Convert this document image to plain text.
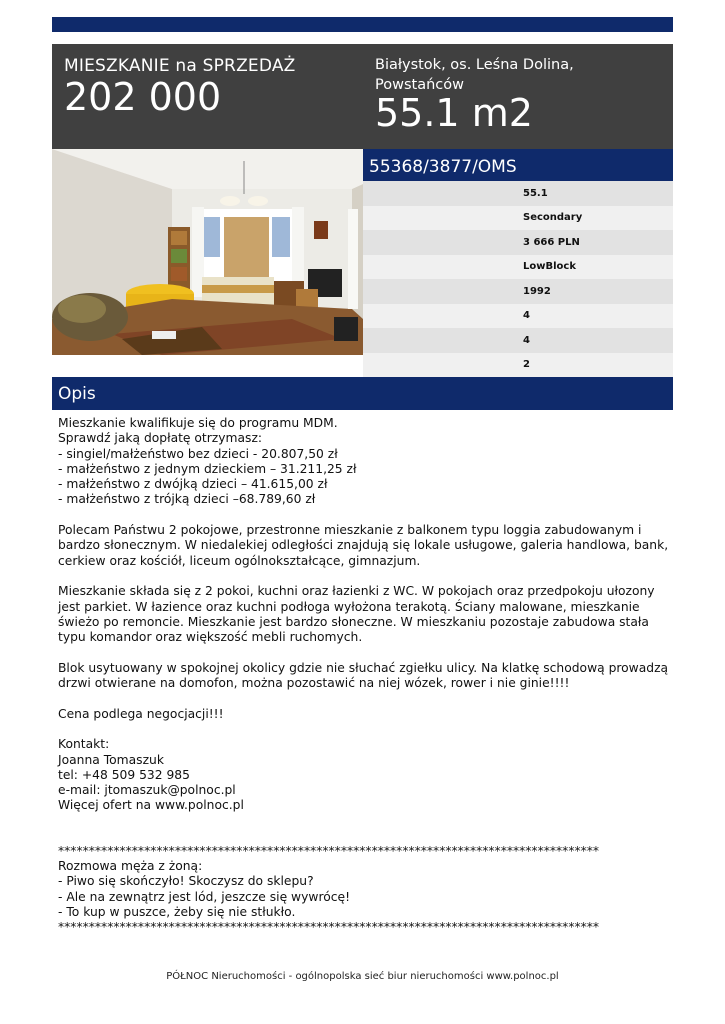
MIESZKANIE na SPRZEDAŻ
202 000
Białystok, os. Leśna Dolina, Powstańców
55.1 m2
55368/3877/OMS
55.1
Secondary
3 666 PLN
LowBlock
1992
4
4
2
Opis

Mieszkanie kwalifikuje się do programu MDM.
Sprawdź jaką dopłatę otrzymasz:
- singiel/małżeństwo bez dzieci - 20.807,50 zł
- małżeństwo z jednym dzieckiem – 31.211,25 zł
- małżeństwo z dwójką dzieci – 41.615,00 zł
- małżeństwo z trójką dzieci –68.789,60 zł

Polecam Państwu 2 pokojowe, przestronne mieszkanie z balkonem typu loggia zabudowanym i bardzo słonecznym. W niedalekiej odległości znajdują się lokale usługowe, galeria handlowa, bank, cerkiew oraz kościół, liceum ogólnokształcące, gimnazjum.

Mieszkanie składa się z 2 pokoi, kuchni oraz łazienki z WC. W pokojach oraz przedpokoju ułozony jest parkiet. W łazience oraz kuchni podłoga wyłożona terakotą. Ściany malowane, mieszkanie świeżo po remoncie. Mieszkanie jest bardzo słoneczne. W mieszkaniu pozostaje zabudowa stała typu komandor oraz większość mebli ruchomych.

Blok usytuowany w spokojnej okolicy gdzie nie słuchać zgiełku ulicy. Na klatkę schodową prowadzą drzwi otwierane na domofon, można pozostawić na niej wózek, rower i nie ginie!!!!

Cena podlega negocjacji!!!

Kontakt:
Joanna Tomaszuk
tel: +48 509 532 985
e-mail: jtomaszuk@polnoc.pl
Więcej ofert na www.polnoc.pl

****************************************************************************************
Rozmowa męża z żoną:
- Piwo się skończyło! Skoczysz do sklepu?
- Ale na zewnątrz jest lód, jeszcze się wywrócę!
- To kup w puszce, żeby się nie stłukło.
****************************************************************************************

PÓŁNOC Nieruchomości - ogólnopolska sieć biur nieruchomości www.polnoc.pl
